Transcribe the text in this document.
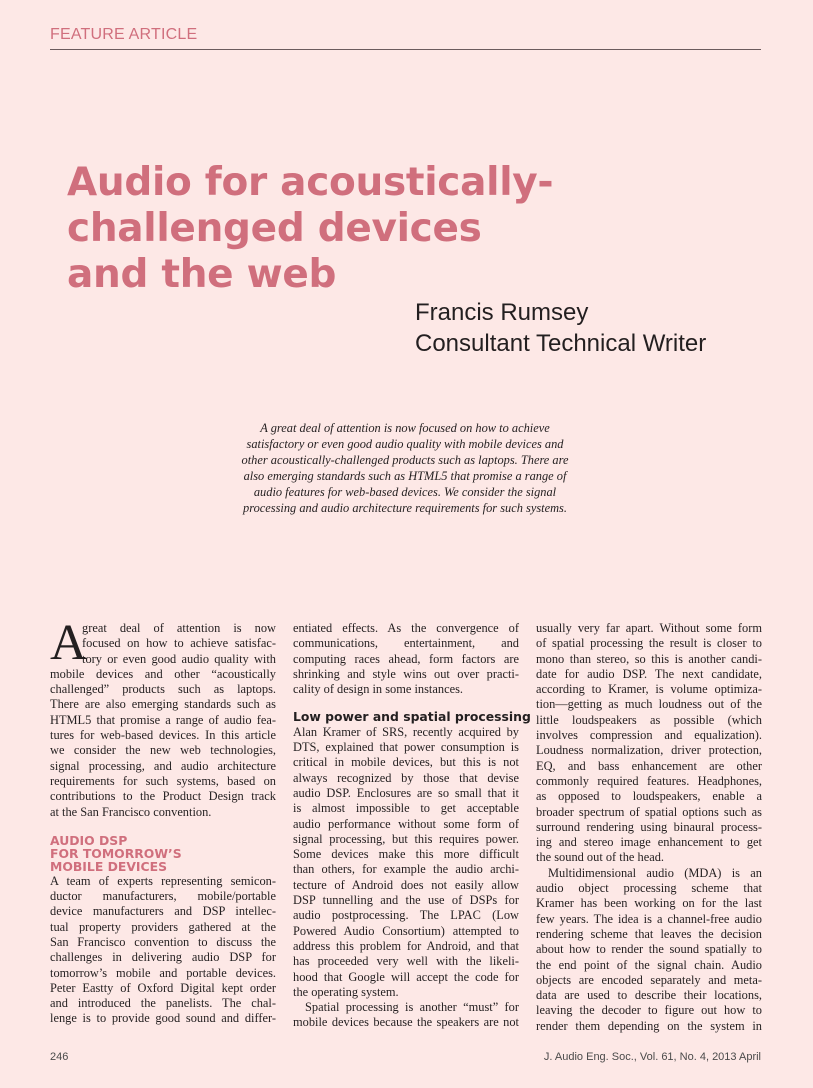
FEATURE ARTICLE
Audio for acoustically-
challenged devices
and the web
Francis Rumsey
Consultant Technical Writer
A great deal of attention is now focused on how to achieve
satisfactory or even good audio quality with mobile devices and
other acoustically-challenged products such as laptops. There are
also emerging standards such as HTML5 that promise a range of
audio features for web-based devices. We consider the signal
processing and audio architecture requirements for such systems.
A
great deal of attention is now
focused on how to achieve satisfac-
tory or even good audio quality with
mobile devices and other “acoustically
challenged” products such as laptops.
There are also emerging standards such as
HTML5 that promise a range of audio fea-
tures for web-based devices. In this article
we consider the new web technologies,
signal processing, and audio architecture
requirements for such systems, based on
contributions to the Product Design track
at the San Francisco convention.
AUDIO DSP
FOR TOMORROW’S
MOBILE DEVICES
A team of experts representing semicon-
ductor manufacturers, mobile/portable
device manufacturers and DSP intellec-
tual property providers gathered at the
San Francisco convention to discuss the
challenges in delivering audio DSP for
tomorrow’s mobile and portable devices.
Peter Eastty of Oxford Digital kept order
and introduced the panelists. The chal-
lenge is to provide good sound and differ-
entiated effects. As the convergence of
communications, entertainment, and
computing races ahead, form factors are
shrinking and style wins out over practi-
cality of design in some instances.
Low power and spatial processing
Alan Kramer of SRS, recently acquired by
DTS, explained that power consumption is
critical in mobile devices, but this is not
always recognized by those that devise
audio DSP. Enclosures are so small that it
is almost impossible to get acceptable
audio performance without some form of
signal processing, but this requires power.
Some devices make this more difficult
than others, for example the audio archi-
tecture of Android does not easily allow
DSP tunnelling and the use of DSPs for
audio postprocessing. The LPAC (Low
Powered Audio Consortium) attempted to
address this problem for Android, and that
has proceeded very well with the likeli-
hood that Google will accept the code for
the operating system.
Spatial processing is another “must” for
mobile devices because the speakers are not
usually very far apart. Without some form
of spatial processing the result is closer to
mono than stereo, so this is another candi-
date for audio DSP. The next candidate,
according to Kramer, is volume optimiza-
tion—getting as much loudness out of the
little loudspeakers as possible (which
involves compression and equalization).
Loudness normalization, driver protection,
EQ, and bass enhancement are other
commonly required features. Headphones,
as opposed to loudspeakers, enable a
broader spectrum of spatial options such as
surround rendering using binaural process-
ing and stereo image enhancement to get
the sound out of the head.
Multidimensional audio (MDA) is an
audio object processing scheme that
Kramer has been working on for the last
few years. The idea is a channel-free audio
rendering scheme that leaves the decision
about how to render the sound spatially to
the end point of the signal chain. Audio
objects are encoded separately and meta-
data are used to describe their locations,
leaving the decoder to figure out how to
render them depending on the system in
246	J. Audio Eng. Soc., Vol. 61, No. 4, 2013 April
